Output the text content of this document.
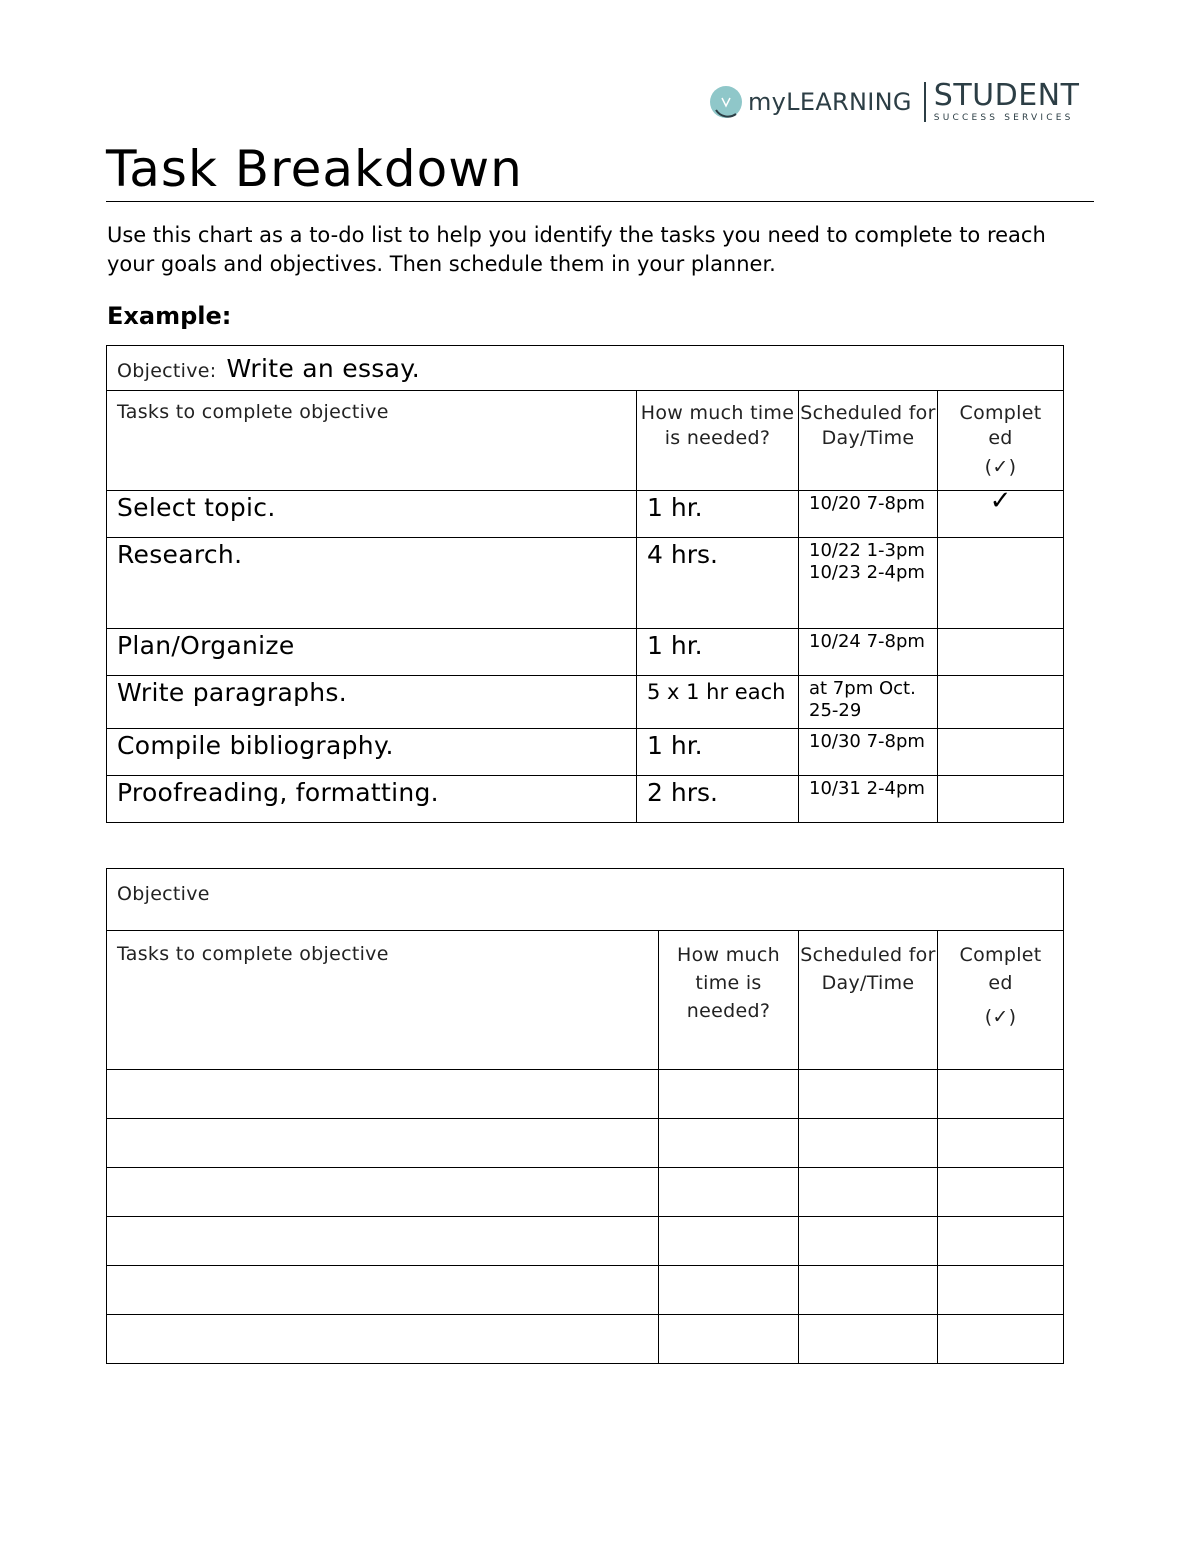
myLEARNING STUDENT
SUCCESS SERVICES
Task Breakdown

Use this chart as a to-do list to help you identify the tasks you need to complete to reach your goals and objectives. Then schedule them in your planner.

Example:

Objective: Write an essay.			
Tasks to complete objective	How much time is needed?	Scheduled for Day/Time	Complet ed
(✓)

Select topic.	1 hr.	10/20 7-8pm	✓
Research.	4 hrs.	10/22 1-3pm 10/23 2-4pm	
Plan/Organize	1 hr.	10/24 7-8pm	
Write paragraphs.	5 x 1 hr each	at 7pm Oct. 25-29	
Compile bibliography.	1 hr.	10/30 7-8pm	
Proofreading, formatting.	2 hrs.	10/31 2-4pm	
Objective			
Tasks to complete objective	How much time is needed?	Scheduled for Day/Time	Complet ed
(✓)
